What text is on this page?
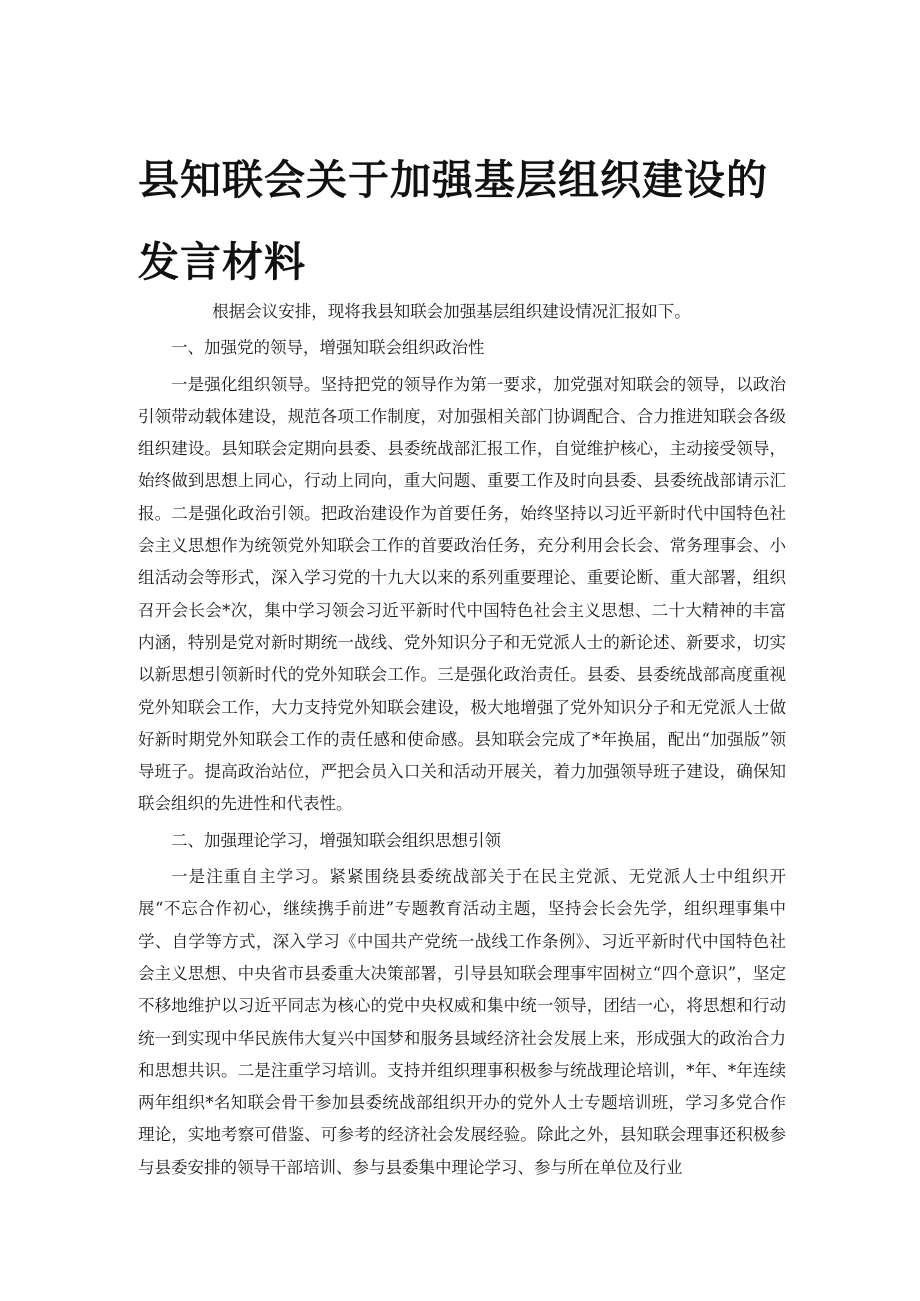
县知联会关于加强基层组织建设的发言材料

根据会议安排，现将我县知联会加强基层组织建设情况汇报如下。

一、加强党的领导，增强知联会组织政治性

一是强化组织领导。坚持把党的领导作为第一要求，加党强对知联会的领导，以政治引领带动载体建设，规范各项工作制度，对加强相关部门协调配合、合力推进知联会各级组织建设。县知联会定期向县委、县委统战部汇报工作，自觉维护核心，主动接受领导，始终做到思想上同心，行动上同向，重大问题、重要工作及时向县委、县委统战部请示汇报。二是强化政治引领。把政治建设作为首要任务，始终坚持以习近平新时代中国特色社会主义思想作为统领党外知联会工作的首要政治任务，充分利用会长会、常务理事会、小组活动会等形式，深入学习党的十九大以来的系列重要理论、重要论断、重大部署，组织召开会长会*次，集中学习领会习近平新时代中国特色社会主义思想、二十大精神的丰富内涵，特别是党对新时期统一战线、党外知识分子和无党派人士的新论述、新要求，切实以新思想引领新时代的党外知联会工作。三是强化政治责任。县委、县委统战部高度重视党外知联会工作，大力支持党外知联会建设，极大地增强了党外知识分子和无党派人士做好新时期党外知联会工作的责任感和使命感。县知联会完成了*年换届，配出“加强版”领导班子。提高政治站位，严把会员入口关和活动开展关，着力加强领导班子建设，确保知联会组织的先进性和代表性。

二、加强理论学习，增强知联会组织思想引领

一是注重自主学习。紧紧围绕县委统战部关于在民主党派、无党派人士中组织开展“不忘合作初心，继续携手前进”专题教育活动主题，坚持会长会先学，组织理事集中学、自学等方式，深入学习《中国共产党统一战线工作条例》、习近平新时代中国特色社会主义思想、中央省市县委重大决策部署，引导县知联会理事牢固树立“四个意识”，坚定不移地维护以习近平同志为核心的党中央权威和集中统一领导，团结一心，将思想和行动统一到实现中华民族伟大复兴中国梦和服务县域经济社会发展上来，形成强大的政治合力和思想共识。二是注重学习培训。支持并组织理事积极参与统战理论培训，*年、*年连续两年组织*名知联会骨干参加县委统战部组织开办的党外人士专题培训班，学习多党合作理论，实地考察可借鉴、可参考的经济社会发展经验。除此之外，县知联会理事还积极参与县委安排的领导干部培训、参与县委集中理论学习、参与所在单位及行业
